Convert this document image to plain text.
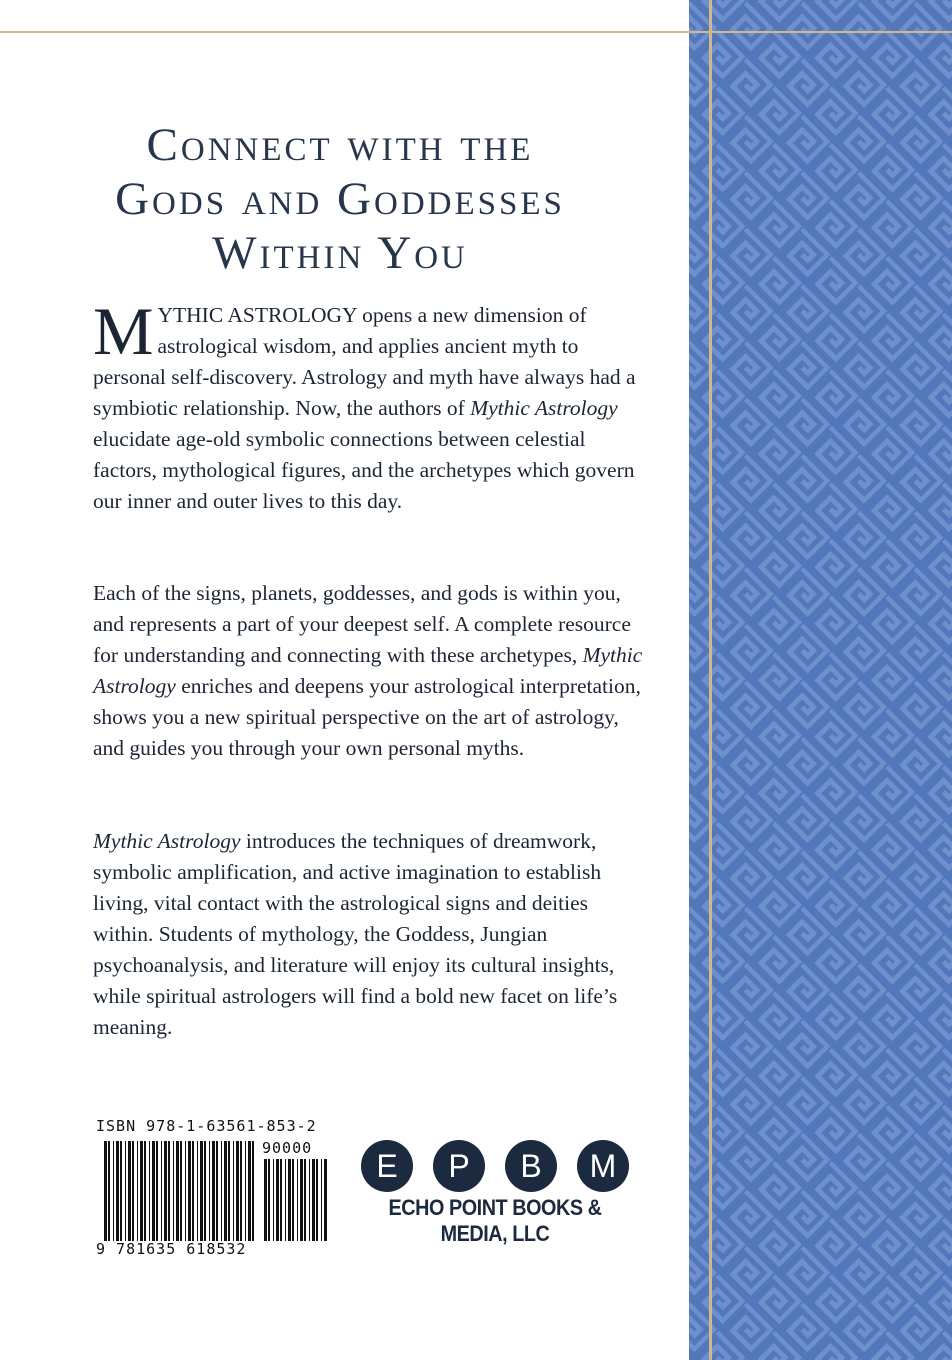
Connect with the
Gods and Goddesses
Within You
MYTHIC ASTROLOGY opens a new dimension of astrological wisdom, and applies ancient myth to personal self-discovery. Astrology and myth have always had a symbiotic relationship. Now, the authors of Mythic Astrology elucidate age-old symbolic connections between celestial factors, mythological figures, and the archetypes which govern our inner and outer lives to this day.
Each of the signs, planets, goddesses, and gods is within you, and represents a part of your deepest self. A complete resource for understanding and connecting with these archetypes, Mythic Astrology enriches and deepens your astrological interpretation, shows you a new spiritual perspective on the art of astrology, and guides you through your own personal myths.
Mythic Astrology introduces the techniques of dreamwork, symbolic amplification, and active imagination to establish living, vital contact with the astrological signs and deities within. Students of mythology, the Goddess, Jungian psychoanalysis, and literature will enjoy its cultural insights, while spiritual astrologers will find a bold new facet on life’s meaning.
ISBN 978-1-63561-853-2
90000
9 781635 618532
E	P	B	M
ECHO POINT BOOKS & MEDIA, LLC
